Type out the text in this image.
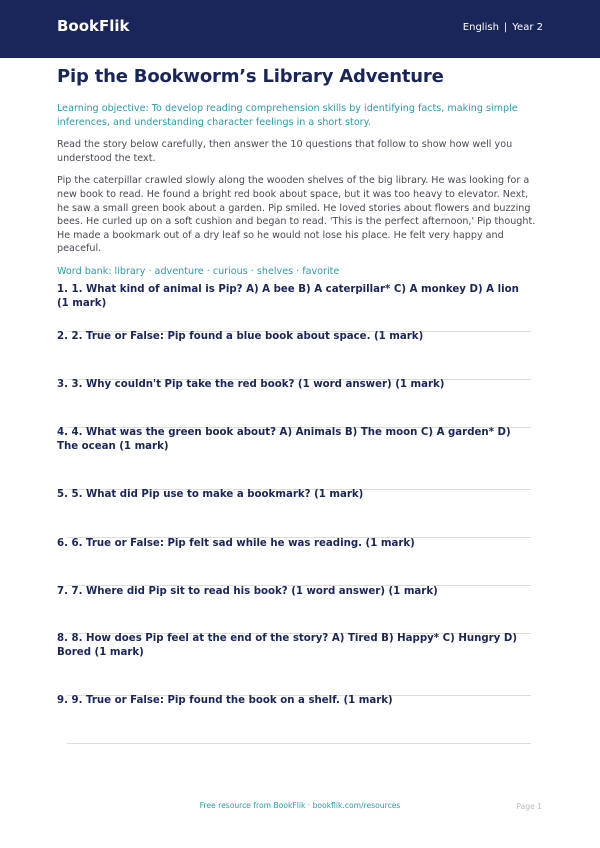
BookFlik	English | Year 2
Pip the Bookworm’s Library Adventure

Learning objective: To develop reading comprehension skills by identifying facts, making simple inferences, and understanding character feelings in a short story.

Read the story below carefully, then answer the 10 questions that follow to show how well you understood the text.

Pip the caterpillar crawled slowly along the wooden shelves of the big library. He was looking for a new book to read. He found a bright red book about space, but it was too heavy to elevator. Next, he saw a small green book about a garden. Pip smiled. He loved stories about flowers and buzzing bees. He curled up on a soft cushion and began to read. 'This is the perfect afternoon,' Pip thought. He made a bookmark out of a dry leaf so he would not lose his place. He felt very happy and peaceful.

Word bank: library · adventure · curious · shelves · favorite
1. 1. What kind of animal is Pip? A) A bee B) A caterpillar* C) A monkey D) A lion (1 mark)
2. 2. True or False: Pip found a blue book about space. (1 mark)
3. 3. Why couldn't Pip take the red book? (1 word answer) (1 mark)
4. 4. What was the green book about? A) Animals B) The moon C) A garden* D) The ocean (1 mark)
5. 5. What did Pip use to make a bookmark? (1 mark)
6. 6. True or False: Pip felt sad while he was reading. (1 mark)
7. 7. Where did Pip sit to read his book? (1 word answer) (1 mark)
8. 8. How does Pip feel at the end of the story? A) Tired B) Happy* C) Hungry D) Bored (1 mark)
9. 9. True or False: Pip found the book on a shelf. (1 mark)
Free resource from BookFlik · bookflik.com/resources	Page 1
